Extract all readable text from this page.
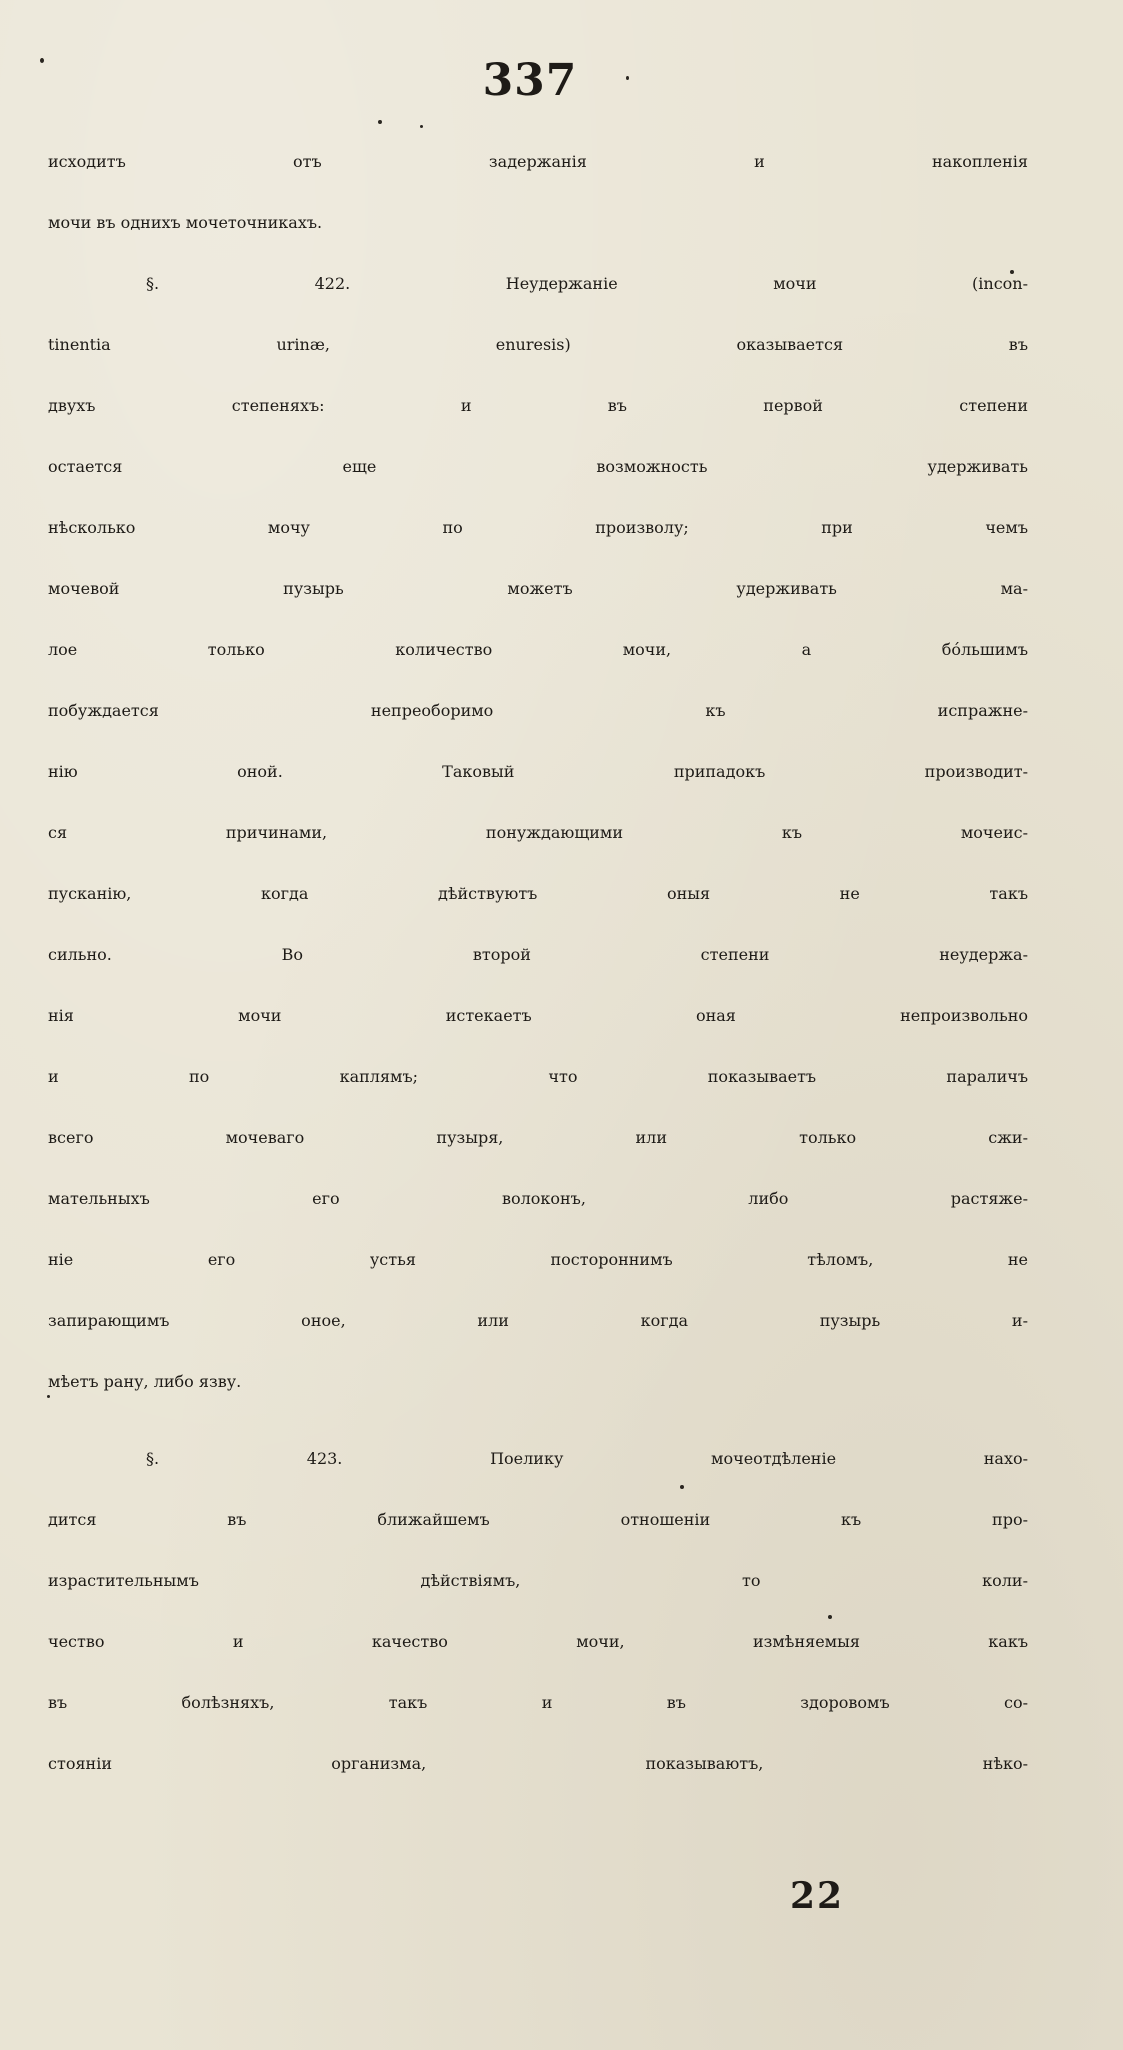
337
исходитъ отъ задержанія и накопленія
мочи въ однихъ мочеточникахъ.
§. 422. Неудержаніе мочи (incon-
tinentia urinæ, enuresis) оказывается въ
двухъ степеняхъ: и въ первой степени
остается еще возможность удерживать
нѣсколько мочу по произволу; при чемъ
мочевой пузырь можетъ удерживать ма-
лое только количество мочи, а бóльшимъ
побуждается непреоборимо къ испражне-
нію оной. Таковый припадокъ производит-
ся причинами, понуждающими къ мочеис-
пусканію, когда дѣйствуютъ оныя не такъ
сильно. Во второй степени неудержа-
нія мочи истекаетъ оная непроизвольно
и по каплямъ; что показываетъ параличъ
всего мочеваго пузыря, или только сжи-
мательныхъ его волоконъ, либо растяже-
ніе его устья постороннимъ тѣломъ, не
запирающимъ оное, или когда пузырь и-
мѣетъ рану, либо язву.
§. 423. Поелику мочеотдѣленіе нахо-
дится въ ближайшемъ отношеніи къ про-
израстительнымъ дѣйствіямъ, то коли-
чество и качество мочи, измѣняемыя какъ
въ болѣзняхъ, такъ и въ здоровомъ со-
стояніи организма, показываютъ, нѣко-
22
